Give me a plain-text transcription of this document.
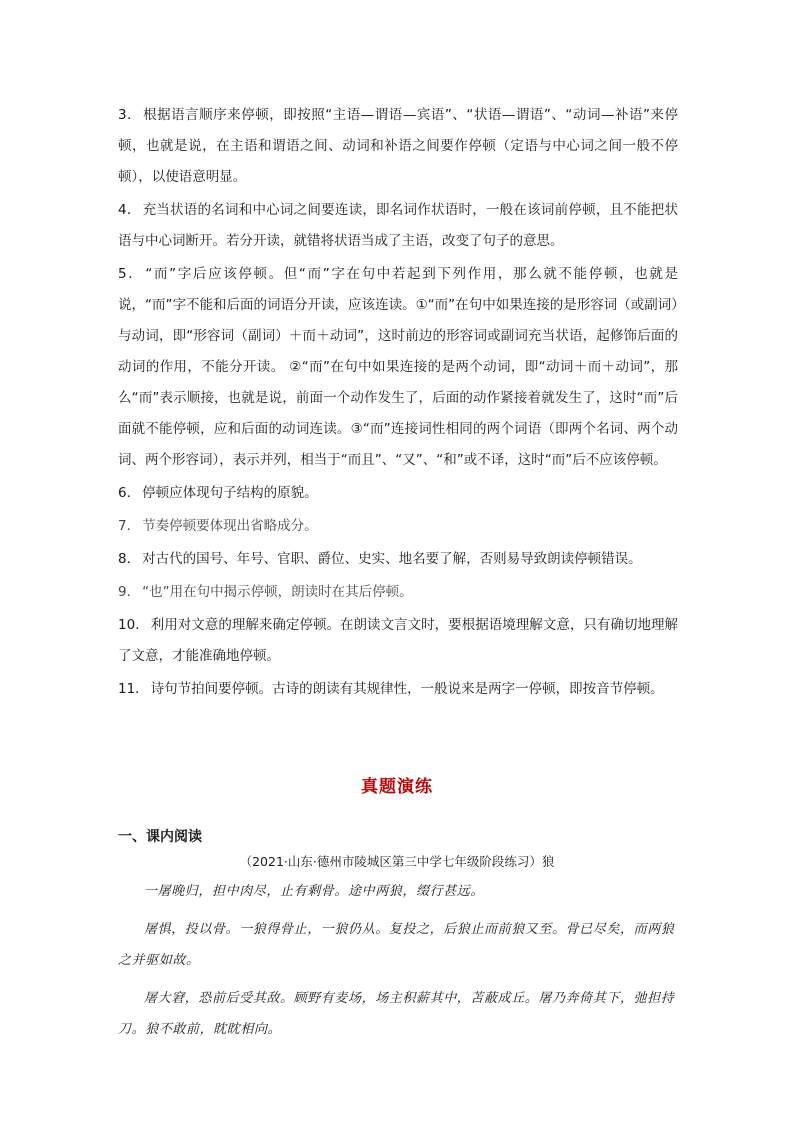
3． 根据语言顺序来停顿，即按照“主语—谓语—宾语”、“状语—谓语”、“动词—补语”来停顿，也就是说，在主语和谓语之间、动词和补语之间要作停顿（定语与中心词之间一般不停顿），以使语意明显。

4． 充当状语的名词和中心词之间要连读，即名词作状语时，一般在该词前停顿，且不能把状语与中心词断开。若分开读，就错将状语当成了主语，改变了句子的意思。

5． “而”字后应该停顿。但“而”字在句中若起到下列作用，那么就不能停顿，也就是说，“而”字不能和后面的词语分开读，应该连读。①“而”在句中如果连接的是形容词（或副词）与动词，即“形容词（副词）＋而＋动词”，这时前边的形容词或副词充当状语，起修饰后面的动词的作用，不能分开读。 ②“而”在句中如果连接的是两个动词，即“动词＋而＋动词”，那么“而”表示顺接，也就是说，前面一个动作发生了，后面的动作紧接着就发生了，这时“而”后面就不能停顿，应和后面的动词连读。③“而”连接词性相同的两个词语（即两个名词、两个动词、两个形容词），表示并列，相当于“而且”、“又”、“和”或不译，这时“而”后不应该停顿。

6． 停顿应体现句子结构的原貌。

7． 节奏停顿要体现出省略成分。

8． 对古代的国号、年号、官职、爵位、史实、地名要了解，否则易导致朗读停顿错误。

9． “也”用在句中揭示停顿，朗读时在其后停顿。

10． 利用对文意的理解来确定停顿。在朗读文言文时，要根据语境理解文意，只有确切地理解了文意，才能准确地停顿。

11． 诗句节拍间要停顿。古诗的朗读有其规律性，一般说来是两字一停顿，即按音节停顿。

真题演练
一、课内阅读
（2021·山东·德州市陵城区第三中学七年级阶段练习）狼

一屠晚归，担中肉尽，止有剩骨。途中两狼，缀行甚远。

屠惧，投以骨。一狼得骨止，一狼仍从。复投之，后狼止而前狼又至。骨已尽矣，而两狼之并驱如故。

屠大窘，恐前后受其敌。顾野有麦场，场主积薪其中，苫蔽成丘。屠乃奔倚其下，弛担持刀。狼不敢前，眈眈相向。
